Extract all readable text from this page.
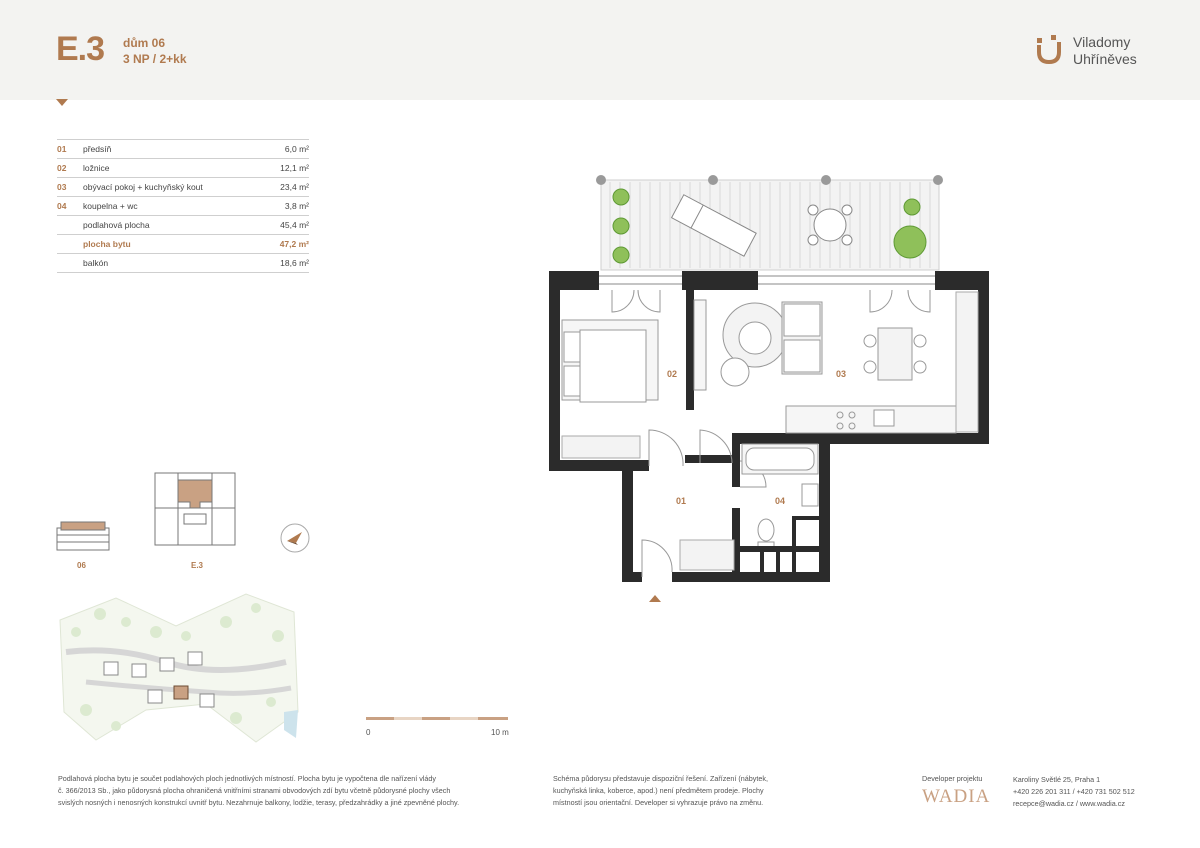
E.3 dům 06
3 NP / 2+kk
Viladomy
Uhříněves
01 předsíň	6,0 m²
02 ložnice	12,1 m²
03 obývací pokoj + kuchyňský kout	23,4 m²
04 koupelna + wc	3,8 m²
podlahová plocha	45,4 m²
plocha bytu	47,2 m²
balkón	18,6 m²
06	E.3
0	10 m
01
02	03
04
Podlahová plocha bytu je součet podlahových ploch jednotlivých místností. Plocha bytu je vypočtena dle nařízení vlády
č. 366/2013 Sb., jako půdorysná plocha ohraničená vnitřními stranami obvodových zdí bytu včetně půdorysné plochy všech
svislých nosných i nenosných konstrukcí uvnitř bytu. Nezahrnuje balkony, lodžie, terasy, předzahrádky a jiné zpevněné plochy.
Schéma půdorysu představuje dispoziční řešení. Zařízení (nábytek,
kuchyňská linka, koberce, apod.) není předmětem prodeje. Plochy
místností jsou orientační. Developer si vyhrazuje právo na změnu.
Developer projektu
WADIA
Karoliny Světlé 25, Praha 1
+420 226 201 311 / +420 731 502 512
recepce@wadia.cz / www.wadia.cz
